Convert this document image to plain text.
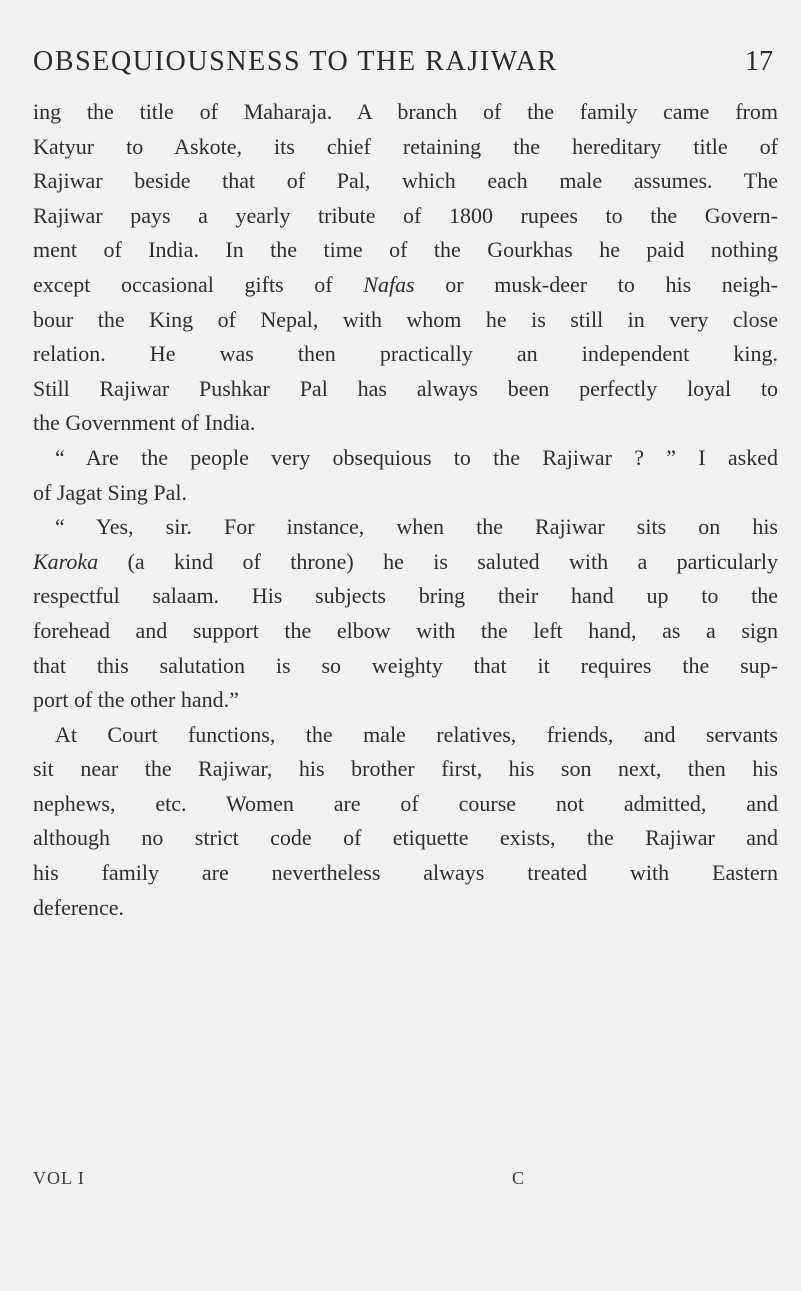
OBSEQUIOUSNESS TO THE RAJIWAR	17
ing the title of Maharaja. A branch of the family came from
Katyur to Askote, its chief retaining the hereditary title of
Rajiwar beside that of Pal, which each male assumes. The
Rajiwar pays a yearly tribute of 1800 rupees to the Govern-
ment of India. In the time of the Gourkhas he paid nothing
except occasional gifts of Nafas or musk-deer to his neigh-
bour the King of Nepal, with whom he is still in very close
relation. He was then practically an independent king.
Still Rajiwar Pushkar Pal has always been perfectly loyal to
the Government of India.
“ Are the people very obsequious to the Rajiwar ? ” I asked
of Jagat Sing Pal.
“ Yes, sir. For instance, when the Rajiwar sits on his
Karoka (a kind of throne) he is saluted with a particularly
respectful salaam. His subjects bring their hand up to the
forehead and support the elbow with the left hand, as a sign
that this salutation is so weighty that it requires the sup-
port of the other hand.”
At Court functions, the male relatives, friends, and servants
sit near the Rajiwar, his brother first, his son next, then his
nephews, etc. Women are of course not admitted, and
although no strict code of etiquette exists, the Rajiwar and
his family are nevertheless always treated with Eastern
deference.
VOL I	C
